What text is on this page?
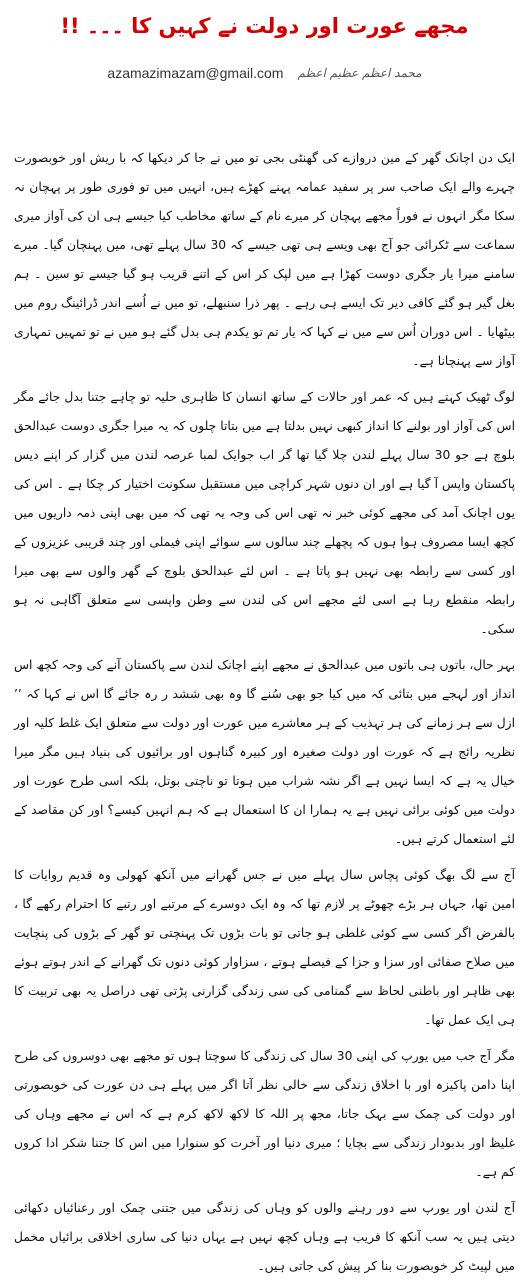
مجھے عورت اور دولت نے کہیں کا ۔۔۔ !!
azamazimazam@gmail.com محمد اعظم عظیم اعظم

ایک دن اچانک گھر کے مین دروازے کی گھنٹی بجی تو میں نے جا کر دیکھا کہ با ریش اور خوبصورت چہرے والے ایک صاحب سر پر سفید عمامہ پہنے کھڑے ہیں، انہیں میں تو فوری طور پر پہچان نہ سکا مگر انہوں نے فوراً مجھے پہچان کر میرے نام کے ساتھ مخاطب کیا جیسے ہی ان کی آواز میری سماعت سے ٹکرائی جو آج بھی ویسے ہی تھی جیسے کہ 30 سال پہلے تھی، میں پہنچان گیا۔ میرے سامنے میرا یار جگری دوست کھڑا ہے میں لپک کر اس کے اتنے قریب ہو گیا جیسے تو سین ۔ ہم بغل گیر ہو گئے کافی دیر تک ایسے ہی رہے ۔ پھر ذرا سنبھلے، تو میں نے اُسے اندر ڈرائینگ روم میں بیٹھایا ۔ اس دوران اُس سے میں نے کہا کہ یار تم تو یکدم ہی بدل گئے ہو میں نے تو تمہیں تمہاری آواز سے پہنچانا ہے۔

لوگ ٹھیک کہتے ہیں کہ عمر اور حالات کے ساتھ انسان کا ظاہری حلیہ تو چاہے جتنا بدل جائے مگر اس کی آواز اور بولنے کا انداز کبھی نہیں بدلتا ہے میں بتاتا چلوں کہ یہ میرا جگری دوست عبدالحق بلوچ ہے جو 30 سال پہلے لندن چلا گیا تھا گر اب جوایک لمبا عرصہ لندن میں گزار کر اپنے دیس پاکستان واپس آ گیا ہے اور ان دنوں شہر کراچی میں مستقبل سکونت اختیار کر چکا ہے ۔ اس کی یوں اچانک آمد کی مجھے کوئی خبر نہ تھی اس کی وجہ یہ تھی کہ میں بھی اپنی ذمہ داریوں میں کچھ ایسا مصروف ہوا ہوں کہ پچھلے چند سالوں سے سوائے اپنی فیملی اور چند قریبی عزیزوں کے اور کسی سے رابطہ بھی نہیں ہو پاتا ہے ۔ اس لئے عبدالحق بلوچ کے گھر والوں سے بھی میرا رابطہ منقطع رہا ہے اسی لئے مجھے اس کی لندن سے وطن واپسی سے متعلق آگاہی نہ ہو سکی۔

بہر حال، باتوں ہی باتوں میں عبدالحق نے مجھے اپنے اچانک لندن سے پاکستان آنے کی وجہ کچھ اس انداز اور لہجے میں بتائی کہ میں کیا جو بھی سُنے گا وہ بھی ششد ر رہ جائے گا اس نے کہا کہ ’’ ازل سے ہر زمانے کی ہر تہذیب کے ہر معاشرے میں عورت اور دولت سے متعلق ایک غلط کلیہ اور نظریہ رائج ہے کہ عورت اور دولت صغیرہ اور کبیرہ گناہوں اور برائیوں کی بنیاد ہیں مگر میرا خیال یہ ہے کہ ایسا نہیں ہے اگر نشہ شراب میں ہوتا تو ناچتی بوتل، بلکہ اسی طرح عورت اور دولت میں کوئی برائی نہیں ہے یہ ہمارا ان کا استعمال ہے کہ ہم انہیں کیسے؟ اور کن مقاصد کے لئے استعمال کرتے ہیں۔

آج سے لگ بھگ کوئی پچاس سال پہلے میں نے جس گھرانے میں آنکھ کھولی وہ قدیم روایات کا امین تھا، جہاں ہر بڑے چھوٹے پر لازم تھا کہ وہ ایک دوسرے کے مرتبے اور رتبے کا احترام رکھے گا ، بالفرض اگر کسی سے کوئی غلطی ہو جاتی تو بات بڑوں تک پہنچتی تو گھر کے بڑوں کی پنچایت میں صلاح صفائی اور سزا و جزا کے فیصلے ہوتے ، سزاوار کوئی دنوں تک گھرانے کے اندر ہوتے ہوئے بھی ظاہر اور باطنی لحاظ سے گمنامی کی سی زندگی گزارنی پڑتی تھی دراصل یہ بھی تربیت کا ہی ایک عمل تھا۔

مگر آج جب میں یورپ کی اپنی 30 سال کی زندگی کا سوچتا ہوں تو مجھے بھی دوسروں کی طرح اپنا دامن پاکیزہ اور با اخلاق زندگی سے خالی نظر آتا اگر میں پہلے ہی دن عورت کی خوبصورتی اور دولت کی چمک سے بہک جاتا، مجھ پر اللہ کا لاکھ لاکھ کرم ہے کہ اس نے مجھے وہاں کی غلیظ اور بدبودار زندگی سے بچایا ؛ میری دنیا اور آخرت کو سنوارا میں اس کا جتنا شکر ادا کروں کم ہے۔

آج لندن اور یورپ سے دور رہنے والوں کو وہاں کی زندگی میں جتنی چمک اور رعنائیاں دکھائی دیتی ہیں یہ سب آنکھ کا فریب ہے وہاں کچھ نہیں ہے یہاں دنیا کی ساری اخلاقی برائیاں مخمل میں لپیٹ کر خوبصورت بنا کر پیش کی جاتی ہیں۔
